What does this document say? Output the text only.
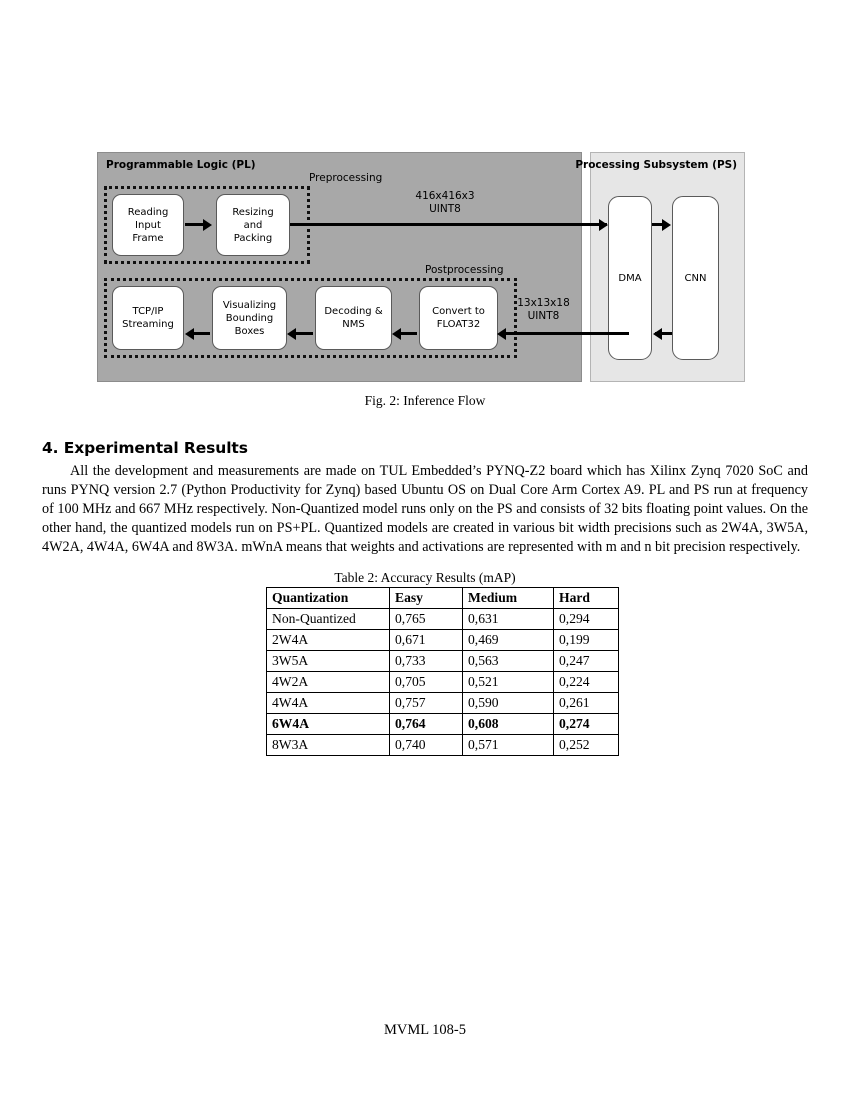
Processing Subsystem (PS)
Programmable Logic (PL)
Preprocessing
Postprocessing
Reading
Input
Frame
Resizing
and
Packing
TCP/IP
Streaming
Visualizing
Bounding
Boxes
Decoding &
NMS
Convert to
FLOAT32
DMA	CNN
416x416x3
UINT8
13x13x18
UINT8
Fig. 2: Inference Flow
4. Experimental Results

All the development and measurements are made on TUL Embedded’s PYNQ-Z2 board which has Xilinx Zynq 7020 SoC and runs PYNQ version 2.7 (Python Productivity for Zynq) based Ubuntu OS on Dual Core Arm Cortex A9. PL and PS run at frequency of 100 MHz and 667 MHz respectively. Non-Quantized model runs only on the PS and consists of 32 bits floating point values. On the other hand, the quantized models run on PS+PL. Quantized models are created in various bit width precisions such as 2W4A, 3W5A, 4W2A, 4W4A, 6W4A and 8W3A. mWnA means that weights and activations are represented with m and n bit precision respectively.

Table 2: Accuracy Results (mAP)
Quantization	Easy	Medium	Hard
Non-Quantized	0,765	0,631	0,294
2W4A	0,671	0,469	0,199
3W5A	0,733	0,563	0,247
4W2A	0,705	0,521	0,224
4W4A	0,757	0,590	0,261
6W4A	0,764	0,608	0,274
8W3A	0,740	0,571	0,252
MVML 108-5
